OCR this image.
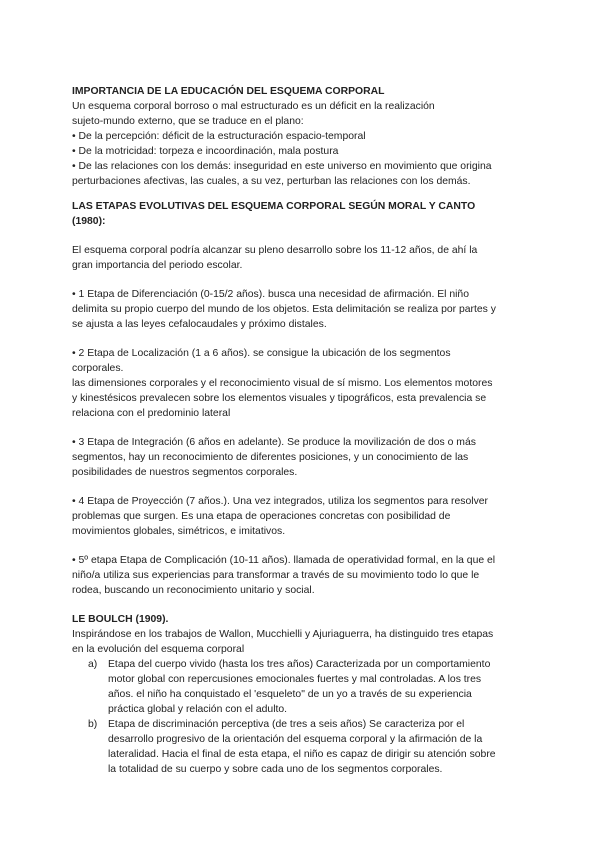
IMPORTANCIA DE LA EDUCACIÓN DEL ESQUEMA CORPORAL

Un esquema corporal borroso o mal estructurado es un déficit en la realización

sujeto-mundo externo, que se traduce en el plano:

• De la percepción: déficit de la estructuración espacio-temporal

• De la motricidad: torpeza e incoordinación, mala postura

• De las relaciones con los demás: inseguridad en este universo en movimiento que origina

perturbaciones afectivas, las cuales, a su vez, perturban las relaciones con los demás.

LAS ETAPAS EVOLUTIVAS DEL ESQUEMA CORPORAL SEGÚN MORAL Y CANTO

(1980):

El esquema corporal podría alcanzar su pleno desarrollo sobre los 11-12 años, de ahí la

gran importancia del periodo escolar.

• 1 Etapa de Diferenciación (0-15/2 años). busca una necesidad de afirmación. El niño

delimita su propio cuerpo del mundo de los objetos. Esta delimitación se realiza por partes y

se ajusta a las leyes cefalocaudales y próximo distales.

• 2 Etapa de Localización (1 a 6 años). se consigue la ubicación de los segmentos

corporales.

las dimensiones corporales y el reconocimiento visual de sí mismo. Los elementos motores

y kinestésicos prevalecen sobre los elementos visuales y tipográficos, esta prevalencia se

relaciona con el predominio lateral

• 3 Etapa de Integración (6 años en adelante). Se produce la movilización de dos o más

segmentos, hay un reconocimiento de diferentes posiciones, y un conocimiento de las

posibilidades de nuestros segmentos corporales.

• 4 Etapa de Proyección (7 años.). Una vez integrados, utiliza los segmentos para resolver

problemas que surgen. Es una etapa de operaciones concretas con posibilidad de

movimientos globales, simétricos, e imitativos.

• 5º etapa Etapa de Complicación (10-11 años). llamada de operatividad formal, en la que el

niño/a utiliza sus experiencias para transformar a través de su movimiento todo lo que le

rodea, buscando un reconocimiento unitario y social.

LE BOULCH (1909).

Inspirándose en los trabajos de Wallon, Mucchielli y Ajuriaguerra, ha distinguido tres etapas

en la evolución del esquema corporal

a) Etapa del cuerpo vivido (hasta los tres años) Caracterizada por un comportamiento

motor global con repercusiones emocionales fuertes y mal controladas. A los tres

años. el niño ha conquistado el 'esqueleto" de un yo a través de su experiencia

práctica global y relación con el adulto.

b) Etapa de discriminación perceptiva (de tres a seis años) Se caracteriza por el

desarrollo progresivo de la orientación del esquema corporal y la afirmación de la

lateralidad. Hacia el final de esta etapa, el niño es capaz de dirigir su atención sobre

la totalidad de su cuerpo y sobre cada uno de los segmentos corporales.
